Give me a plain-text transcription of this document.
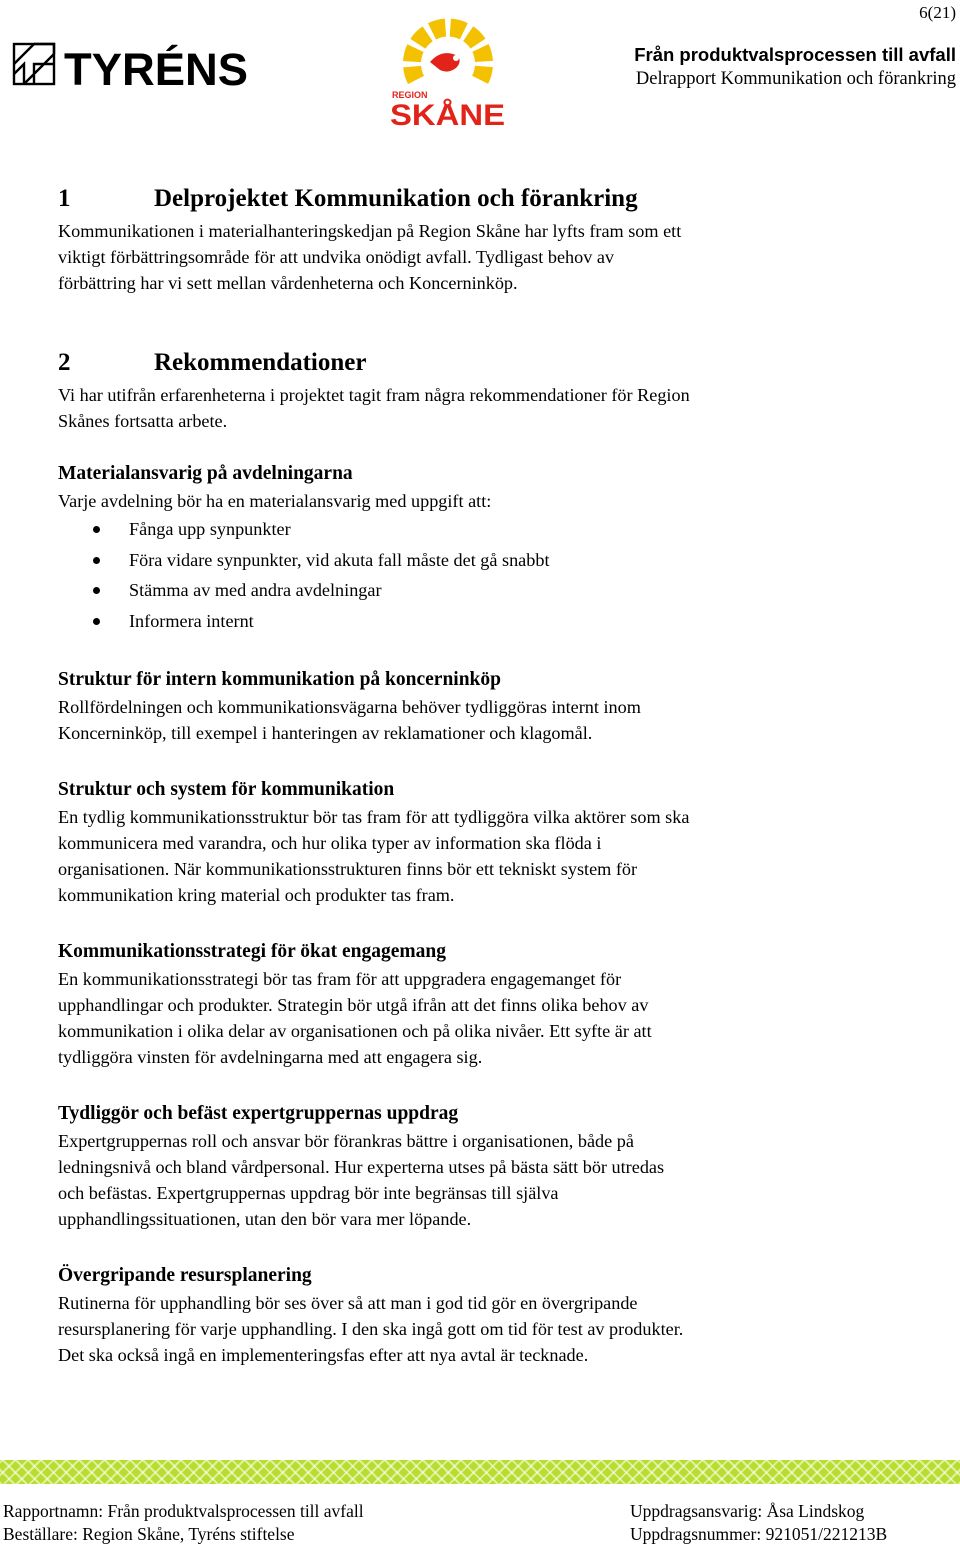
6(21)
TYRÉNS	REGION
SKÅNE
Från produktvalsprocessen till avfall
Delrapport Kommunikation och förankring
1	Delprojektet Kommunikation och förankring

Kommunikationen i materialhanteringskedjan på Region Skåne har lyfts fram som ett
viktigt förbättringsområde för att undvika onödigt avfall. Tydligast behov av
förbättring har vi sett mellan vårdenheterna och Koncerninköp.

2	Rekommendationer

Vi har utifrån erfarenheterna i projektet tagit fram några rekommendationer för Region
Skånes fortsatta arbete.

Materialansvarig på avdelningarna

Varje avdelning bör ha en materialansvarig med uppgift att:

Fånga upp synpunkter
Föra vidare synpunkter, vid akuta fall måste det gå snabbt
Stämma av med andra avdelningar
Informera internt
Struktur för intern kommunikation på koncerninköp

Rollfördelningen och kommunikationsvägarna behöver tydliggöras internt inom
Koncerninköp, till exempel i hanteringen av reklamationer och klagomål.

Struktur och system för kommunikation

En tydlig kommunikationsstruktur bör tas fram för att tydliggöra vilka aktörer som ska
kommunicera med varandra, och hur olika typer av information ska flöda i
organisationen. När kommunikationsstrukturen finns bör ett tekniskt system för
kommunikation kring material och produkter tas fram.

Kommunikationsstrategi för ökat engagemang

En kommunikationsstrategi bör tas fram för att uppgradera engagemanget för
upphandlingar och produkter. Strategin bör utgå ifrån att det finns olika behov av
kommunikation i olika delar av organisationen och på olika nivåer. Ett syfte är att
tydliggöra vinsten för avdelningarna med att engagera sig.

Tydliggör och befäst expertgruppernas uppdrag

Expertgruppernas roll och ansvar bör förankras bättre i organisationen, både på
ledningsnivå och bland vårdpersonal. Hur experterna utses på bästa sätt bör utredas
och befästas. Expertgruppernas uppdrag bör inte begränsas till själva
upphandlingssituationen, utan den bör vara mer löpande.

Övergripande resursplanering

Rutinerna för upphandling bör ses över så att man i god tid gör en övergripande
resursplanering för varje upphandling. I den ska ingå gott om tid för test av produkter.
Det ska också ingå en implementeringsfas efter att nya avtal är tecknade.

Rapportnamn: Från produktvalsprocessen till avfall
Beställare: Region Skåne, Tyréns stiftelse
Uppdragsansvarig: Åsa Lindskog
Uppdragsnummer: 921051/221213B
